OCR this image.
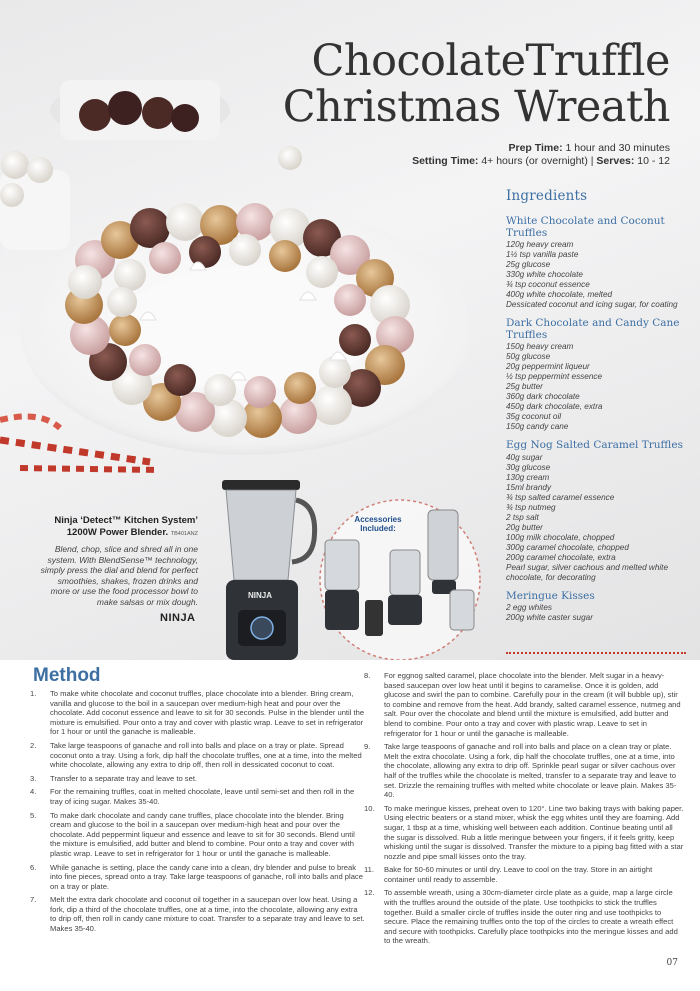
NINJA
ChocolateTruffle
Christmas Wreath
Prep Time: 1 hour and 30 minutes
Setting Time: 4+ hours (or overnight) | Serves: 10 - 12
Ingredients
White Chocolate and Coconut Truffles
120g heavy cream
1½ tsp vanilla paste
25g glucose
330g white chocolate
¾ tsp coconut essence
400g white chocolate, melted
Dessicated coconut and icing sugar, for coating
Dark Chocolate and Candy Cane Truffles
150g heavy cream
50g glucose
20g peppermint liqueur
½ tsp peppermint essence
25g butter
360g dark chocolate
450g dark chocolate, extra
35g coconut oil
150g candy cane
Egg Nog Salted Caramel Truffles
40g sugar
30g glucose
130g cream
15ml brandy
¾ tsp salted caramel essence
¾ tsp nutmeg
2 tsp salt
20g butter
100g milk chocolate, chopped
300g caramel chocolate, chopped
200g caramel chocolate, extra
Pearl sugar, silver cachous and melted white chocolate, for decorating
Meringue Kisses
2 egg whites
200g white caster sugar
Ninja ‘Detect™ Kitchen System’ 1200W Power Blender. TB401ANZ
Blend, chop, slice and shred all in one system. With BlendSense™ technology, simply press the dial and blend for perfect smoothies, shakes, frozen drinks and more or use the food processor bowl to make salsas or mix dough.
NINJA
Accessories Included:
Method
1.	To make white chocolate and coconut truffles, place chocolate into a blender. Bring cream, vanilla and glucose to the boil in a saucepan over medium-high heat and pour over the chocolate. Add coconut essence and leave to sit for 30 seconds. Pulse in the blender until the mixture is emulsified. Pour onto a tray and cover with plastic wrap. Leave to set in refrigerator for 1 hour or until the ganache is malleable.
2.	Take large teaspoons of ganache and roll into balls and place on a tray or plate. Spread coconut onto a tray. Using a fork, dip half the chocolate truffles, one at a time, into the melted white chocolate, allowing any extra to drip off, then roll in dessicated coconut to coat.
3.	Transfer to a separate tray and leave to set.
4.	For the remaining truffles, coat in melted chocolate, leave until semi-set and then roll in the tray of icing sugar. Makes 35-40.
5.	To make dark chocolate and candy cane truffles, place chocolate into the blender. Bring cream and glucose to the boil in a saucepan over medium-high heat and pour over the chocolate. Add peppermint liqueur and essence and leave to sit for 30 seconds. Blend until the mixture is emulsified, add butter and blend to combine. Pour onto a tray and cover with plastic wrap. Leave to set in refrigerator for 1 hour or until the ganache is malleable.
6.	While ganache is setting, place the candy cane into a clean, dry blender and pulse to break into fine pieces, spread onto a tray. Take large teaspoons of ganache, roll into balls and place on a tray or plate.
7.	Melt the extra dark chocolate and coconut oil together in a saucepan over low heat. Using a fork, dip a third of the chocolate truffles, one at a time, into the chocolate, allowing any extra to drip off, then roll in candy cane mixture to coat. Transfer to a separate tray and leave to set. Makes 35-40.
8.	For eggnog salted caramel, place chocolate into the blender. Melt sugar in a heavy-based saucepan over low heat until it begins to caramelise. Once it is golden, add glucose and swirl the pan to combine. Carefully pour in the cream (it will bubble up), stir to combine and remove from the heat. Add brandy, salted caramel essence, nutmeg and salt. Pour over the chocolate and blend until the mixture is emulsified, add butter and blend to combine. Pour onto a tray and cover with plastic wrap. Leave to set in refrigerator for 1 hour or until the ganache is malleable.
9.	Take large teaspoons of ganache and roll into balls and place on a clean tray or plate. Melt the extra chocolate. Using a fork, dip half the chocolate truffles, one at a time, into the chocolate, allowing any extra to drip off. Sprinkle pearl sugar or silver cachous over half of the truffles while the chocolate is melted, transfer to a separate tray and leave to set. Drizzle the remaining truffles with melted white chocolate or leave plain. Makes 35-40.
10.	To make meringue kisses, preheat oven to 120°. Line two baking trays with baking paper. Using electric beaters or a stand mixer, whisk the egg whites until they are foaming. Add sugar, 1 tbsp at a time, whisking well between each addition. Continue beating until all the sugar is dissolved. Rub a little meringue between your fingers, if it feels gritty, keep whisking until the sugar is dissolved. Transfer the mixture to a piping bag fitted with a star nozzle and pipe small kisses onto the tray.
11.	Bake for 50-60 minutes or until dry. Leave to cool on the tray. Store in an airtight container until ready to assemble.
12.	To assemble wreath, using a 30cm-diameter circle plate as a guide, map a large circle with the truffles around the outside of the plate. Use toothpicks to stick the truffles together. Build a smaller circle of truffles inside the outer ring and use toothpicks to secure. Place the remaining truffles onto the top of the circles to create a wreath effect and secure with toothpicks. Carefully place toothpicks into the meringue kisses and add to the wreath.
07
